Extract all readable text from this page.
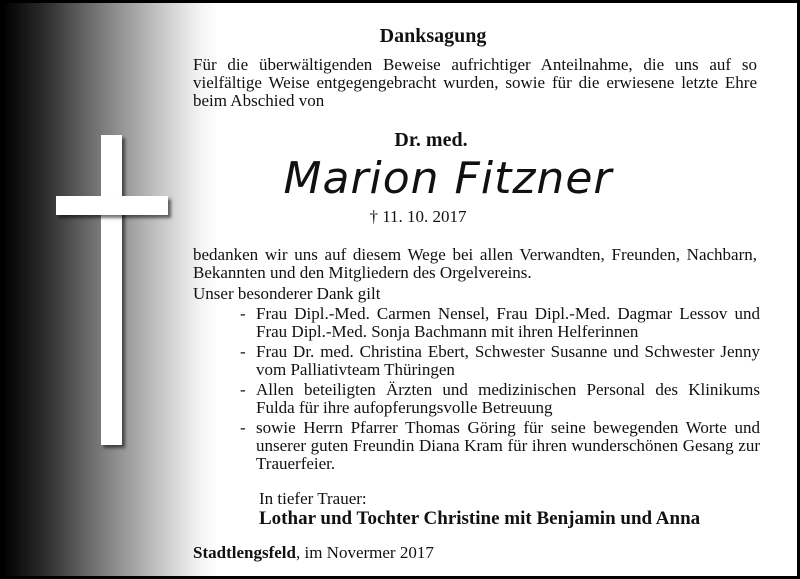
Danksagung
Für die überwältigenden Beweise aufrichtiger Anteilnahme, die uns auf so vielfältige Weise entgegengebracht wurden, sowie für die erwiesene letzte Ehre beim Abschied von
Dr. med.
Marion Fitzner
† 11. 10. 2017
bedanken wir uns auf diesem Wege bei allen Verwandten, Freunden, Nachbarn, Bekannten und den Mitgliedern des Orgelvereins.
Unser besonderer Dank gilt
- Frau Dipl.-Med. Carmen Nensel, Frau Dipl.-Med. Dagmar Lessov und Frau Dipl.-Med. Sonja Bachmann mit ihren Helferinnen
- Frau Dr. med. Christina Ebert, Schwester Susanne und Schwester Jenny vom Palliativteam Thüringen
- Allen beteiligten Ärzten und medizinischen Personal des Klinikums Fulda für ihre aufopferungsvolle Betreuung
- sowie Herrn Pfarrer Thomas Göring für seine bewegenden Worte und unserer guten Freundin Diana Kram für ihren wunderschönen Gesang zur Trauerfeier.
In tiefer Trauer:
Lothar und Tochter Christine mit Benjamin und Anna
Stadtlengsfeld, im Novermer 2017
